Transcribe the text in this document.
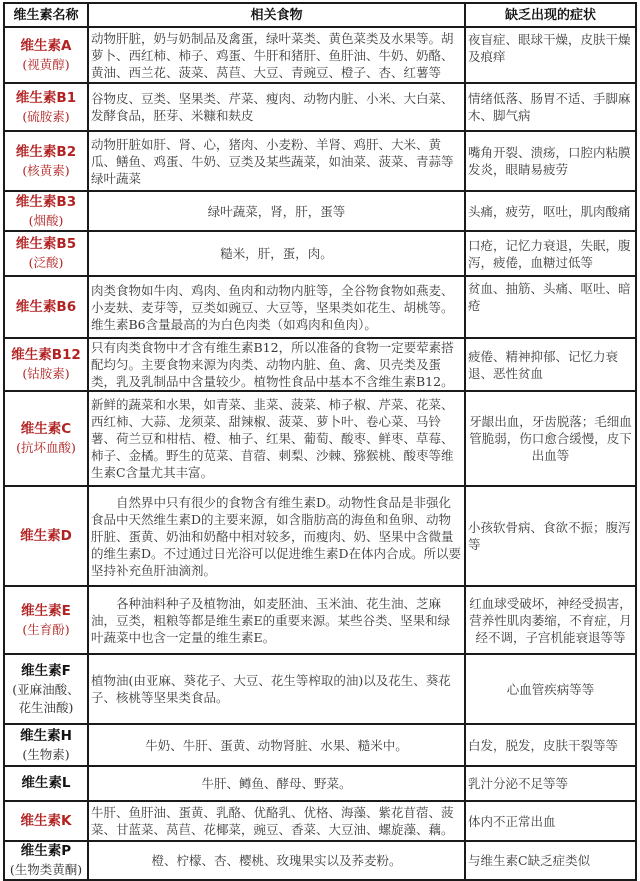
维生素名称	相关食物	缺乏出现的症状

维生素A
(视黄醇)	动物肝脏，奶与奶制品及禽蛋，绿叶菜类、黄色菜类及水果等。胡萝卜、西红柿、柿子、鸡蛋、牛肝和猪肝、鱼肝油、牛奶、奶酪、黄油、西兰花、菠菜、莴苣、大豆、青豌豆、橙子、杏、红薯等	夜盲症、眼球干燥，皮肤干燥及痕痒

维生素B1
(硫胺素)	谷物皮、豆类、坚果类、芹菜、瘦肉、动物内脏、小米、大白菜、发酵食品，胚芽、米糠和麸皮	情绪低落、肠胃不适、手脚麻木、脚气病

维生素B2
(核黄素)	动物肝脏如肝、肾、心，猪肉、小麦粉、羊肾、鸡肝、大米、黄瓜、鳝鱼、鸡蛋、牛奶、豆类及某些蔬菜，如油菜、菠菜、青蒜等绿叶蔬菜	嘴角开裂、溃疡，口腔内粘膜发炎，眼睛易疲劳

维生素B3
(烟酸)	绿叶蔬菜，肾，肝，蛋等	头痛，疲劳，呕吐，肌肉酸痛

维生素B5
(泛酸)	糙米，肝，蛋，肉。	口疮，记忆力衰退，失眠，腹泻，疲倦，血糖过低等

维生素B6	肉类食物如牛肉、鸡肉、鱼肉和动物内脏等，全谷物食物如燕麦、小麦麸、麦芽等，豆类如豌豆、大豆等，坚果类如花生、胡桃等。维生素B6含量最高的为白色肉类（如鸡肉和鱼肉）。	贫血、抽筋、头痛、呕吐、暗疮

维生素B12
(钴胺素)	只有肉类食物中才含有维生素B12，所以准备的食物一定要荤素搭配均匀。主要食物来源为肉类、动物内脏、鱼、禽、贝壳类及蛋类，乳及乳制品中含量较少。植物性食品中基本不含维生素B12。	疲倦、精神抑郁、记忆力衰退、恶性贫血

维生素C
(抗坏血酸)	新鲜的蔬菜和水果，如青菜、韭菜、菠菜、柿子椒、芹菜、花菜、西红柿、大蒜、龙须菜、甜辣椒、菠菜、萝卜叶、卷心菜、马铃薯、荷兰豆和柑桔、橙、柚子、红果、葡萄、酸枣、鲜枣、草莓、柿子、金橘。野生的苋菜、苜蓿、刺梨、沙棘、猕猴桃、酸枣等维生素C含量尤其丰富。	牙龈出血，牙齿脱落；毛细血管脆弱，伤口愈合缓慢，皮下出血等

维生素D	自然界中只有很少的食物含有维生素D。动物性食品是非强化食品中天然维生素D的主要来源，如含脂肪高的海鱼和鱼卵、动物肝脏、蛋黄、奶油和奶酪中相对较多，而瘦肉、奶、坚果中含微量的维生素D。不过通过日光浴可以促进维生素D在体内合成。所以要坚持补充鱼肝油滴剂。	小孩软骨病、食欲不振；腹泻等

维生素E
(生育酚)	各种油料种子及植物油，如麦胚油、玉米油、花生油、芝麻油，豆类，粗粮等都是维生素E的重要来源。某些谷类、坚果和绿叶蔬菜中也含一定量的维生素E。	红血球受破坏，神经受损害，营养性肌肉萎缩，不育症，月经不调，子宫机能衰退等等

维生素F
(亚麻油酸、花生油酸)	植物油(由亚麻、葵花子、大豆、花生等榨取的油)以及花生、葵花子、核桃等坚果类食品。	心血管疾病等等

维生素H
(生物素)	牛奶、牛肝、蛋黄、动物肾脏、水果、糙米中。	白发，脱发，皮肤干裂等等

维生素L	牛肝、鳟鱼、酵母、野菜。	乳汁分泌不足等等

维生素K	牛肝、鱼肝油、蛋黄、乳酪、优酪乳、优格、海藻、紫花苜蓿、菠菜、甘蓝菜、莴苣、花椰菜，豌豆、香菜、大豆油、螺旋藻、藕。	体内不正常出血

维生素P
(生物类黄酮)	橙、柠檬、杏、樱桃、玫瑰果实以及荞麦粉。	与维生素C缺乏症类似
